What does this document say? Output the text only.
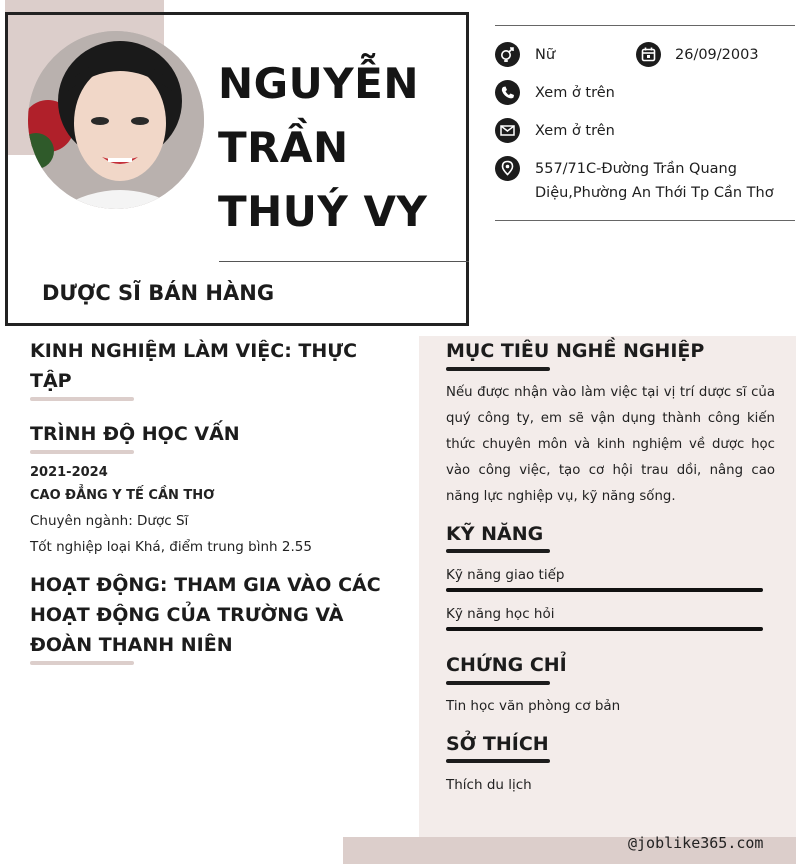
NGUYỄN
TRẦN
THUÝ VY
DƯỢC SĨ BÁN HÀNG
Nữ	26/09/2003
Xem ở trên
Xem ở trên
557/71C-Đường Trần Quang
Diệu,Phường An Thới Tp Cần Thơ
KINH NGHIỆM LÀM VIỆC: THỰC
TẬP
TRÌNH ĐỘ HỌC VẤN
2021-2024
CAO ĐẲNG Y TẾ CẦN THƠ
Chuyên ngành: Dược Sĩ
Tốt nghiệp loại Khá, điểm trung bình 2.55
HOẠT ĐỘNG: THAM GIA VÀO CÁC
HOẠT ĐỘNG CỦA TRƯỜNG VÀ
ĐOÀN THANH NIÊN
MỤC TIÊU NGHỀ NGHIỆP
Nếu được nhận vào làm việc tại vị trí dược sĩ của quý công ty, em sẽ vận dụng thành công kiến thức chuyên môn và kinh nghiệm về dược học vào công việc, tạo cơ hội trau dồi, nâng cao năng lực nghiệp vụ, kỹ năng sống.
KỸ NĂNG
Kỹ năng giao tiếp
Kỹ năng học hỏi
CHỨNG CHỈ
Tin học văn phòng cơ bản
SỞ THÍCH
Thích du lịch
@joblike365.com
